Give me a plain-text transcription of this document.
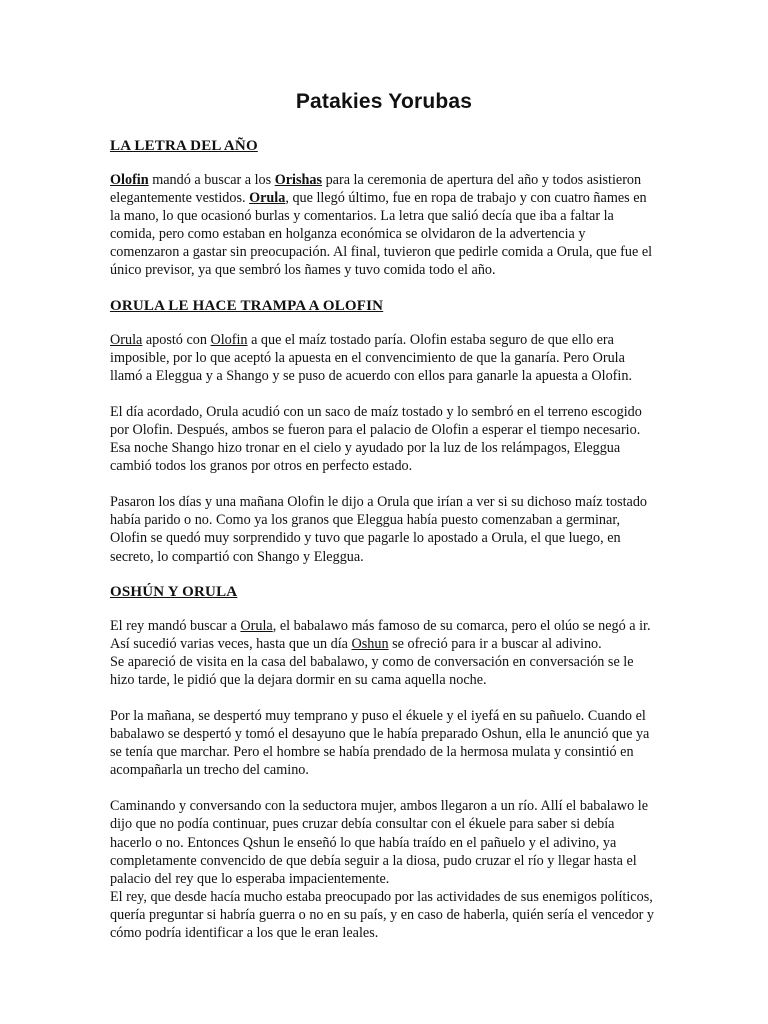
Patakies Yorubas
LA LETRA DEL AÑO

Olofin mandó a buscar a los Orishas para la ceremonia de apertura del año y todos asistieron elegantemente vestidos. Orula, que llegó último, fue en ropa de trabajo y con cuatro ñames en la mano, lo que ocasionó burlas y comentarios. La letra que salió decía que iba a faltar la comida, pero como estaban en holganza económica se olvidaron de la advertencia y comenzaron a gastar sin preocupación. Al final, tuvieron que pedirle comida a Orula, que fue el único previsor, ya que sembró los ñames y tuvo comida todo el año.

ORULA LE HACE TRAMPA A OLOFIN

Orula apostó con Olofin a que el maíz tostado paría. Olofin estaba seguro de que ello era imposible, por lo que aceptó la apuesta en el convencimiento de que la ganaría. Pero Orula llamó a Eleggua y a Shango y se puso de acuerdo con ellos para ganarle la apuesta a Olofin.

El día acordado, Orula acudió con un saco de maíz tostado y lo sembró en el terreno escogido por Olofin. Después, ambos se fueron para el palacio de Olofin a esperar el tiempo necesario. Esa noche Shango hizo tronar en el cielo y ayudado por la luz de los relámpagos, Eleggua cambió todos los granos por otros en perfecto estado.

Pasaron los días y una mañana Olofin le dijo a Orula que irían a ver si su dichoso maíz tostado había parido o no. Como ya los granos que Eleggua había puesto comenzaban a germinar, Olofin se quedó muy sorprendido y tuvo que pagarle lo apostado a Orula, el que luego, en secreto, lo compartió con Shango y Eleggua.

OSHÚN Y ORULA

El rey mandó buscar a Orula, el babalawo más famoso de su comarca, pero el olúo se negó a ir. Así sucedió varias veces, hasta que un día Oshun se ofreció para ir a buscar al adivino.

Se apareció de visita en la casa del babalawo, y como de conversación en conversación se le hizo tarde, le pidió que la dejara dormir en su cama aquella noche.

Por la mañana, se despertó muy temprano y puso el ékuele y el iyefá en su pañuelo. Cuando el babalawo se despertó y tomó el desayuno que le había preparado Oshun, ella le anunció que ya se tenía que marchar. Pero el hombre se había prendado de la hermosa mulata y consintió en acompañarla un trecho del camino.

Caminando y conversando con la seductora mujer, ambos llegaron a un río. Allí el babalawo le dijo que no podía continuar, pues cruzar debía consultar con el ékuele para saber si debía hacerlo o no. Entonces Qshun le enseñó lo que había traído en el pañuelo y el adivino, ya completamente convencido de que debía seguir a la diosa, pudo cruzar el río y llegar hasta el palacio del rey que lo esperaba impacientemente.

El rey, que desde hacía mucho estaba preocupado por las actividades de sus enemigos políticos, quería preguntar si habría guerra o no en su país, y en caso de haberla, quién sería el vencedor y cómo podría identificar a los que le eran leales.
